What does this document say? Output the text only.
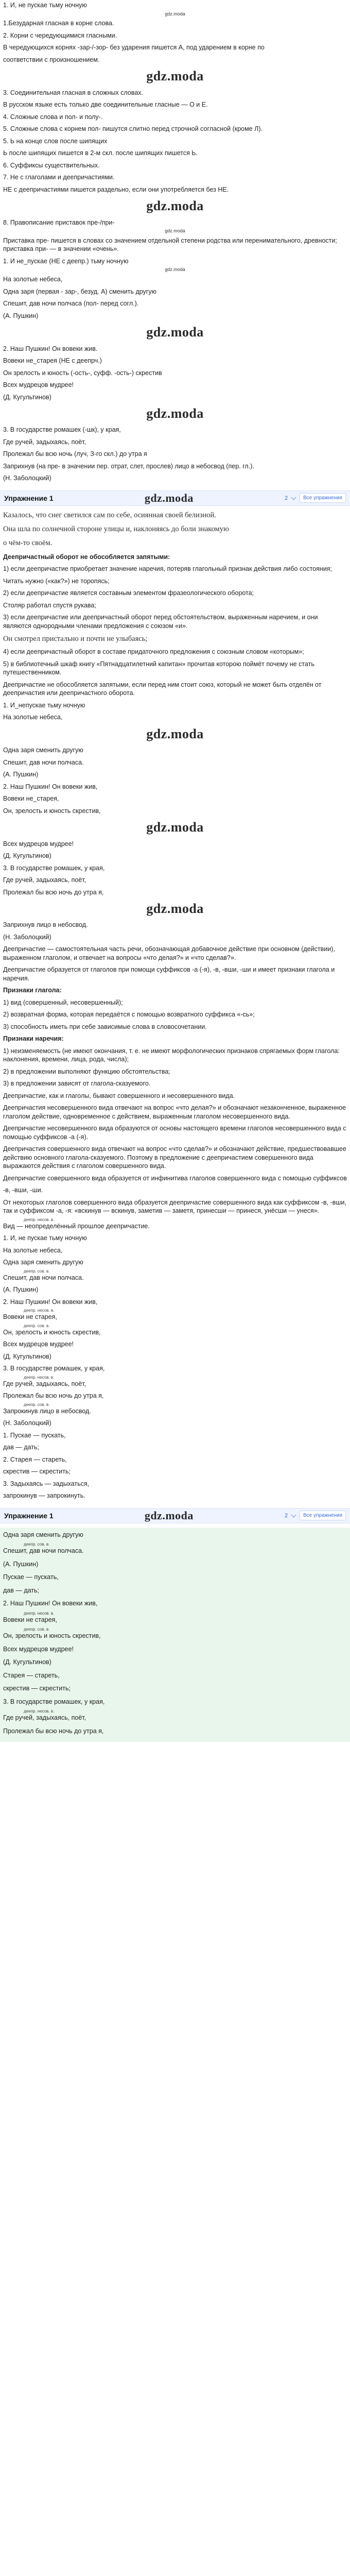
1. И, не пускае тьму ночную
gdz.moda
1.Безударная гласная в корне слова.
2. Корни с чередующимися гласными.
В чередующихся корнях -зар-/-зор- без ударения пишется А, под ударением в корне по
соответствии с произношением.
gdz.moda
3. Соединительная гласная в сложных словах.
В русском языке есть только две соединительные гласные — О и Е.
4. Сложные слова и пол- и полу-.
5. Сложные слова с корнем пол- пишутся слитно перед строчной согласной (кроме Л).
5. Ь на конце слов после шипящих
Ь после шипящих пишется в 2-м скл. после шипящих пишется Ь.
6. Суффиксы существительных.
7. Не с глаголами и деепричастиями.
НЕ с деепричастиями пишется раздельно, если они употребляется без НЕ.
gdz.moda
8. Правописание приставок пре-/при-
gdz.moda
Приставка пре- пишется в словах со значением отдельной степени родства или перенимательного, древности; приставка при- — в значении «очень».
1. И не_пускае (НЕ с деепр.) тьму ночную
gdz.moda
На золотые небеса,
Одна заря (первая - зар-, безуд. А) сменить другую
Спешит, дав ночи полчаса (пол- перед согл.).
(А. Пушкин)
gdz.moda
2. Наш Пушкин! Он вовеки жив.
Вовеки не_старея (НЕ с деепрч.)
Он зрелость и юность (-ость-, суфф. -ость-) скрестив
Всех мудрецов мудрее!
(Д. Кугультинов)
gdz.moda
3. В государстве ромашек (-шк), у края,
Где ручей, задыхаясь, поёт,
Пролежал бы всю ночь (луч, З-го скл.) до утра я
Заприхнув (на пре- в значении пер. отрат, слет, прослев) лицо в небосвод (пер. гл.).
(Н. Заболоцкий)
Упражнение 1	gdz.moda	2	Все упражнения
Казалось, что снег светился сам по себе, осиянная своей белизной.
Она шла по солнечной стороне улицы и, наклоняясь до боли знакомую
о чём-то своём.
Деепричастный оборот не обособляется запятыми:
1) если деепричастие приобретает значение наречия, потеряв глагольный признак действия либо состояния;
Читать нужно («как?») не торопясь;
2) если деепричастие является составным элементом фразеологического оборота;
Столяр работал спустя рукава;
3) если деепричастие или деепричастный оборот перед обстоятельством, выраженным наречием, и они являются однородными членами предложения с союзом «и».
Он смотрел пристально и почти не улыбаясь;
4) если деепричастный оборот в составе придаточного предложения с союзным словом «которым»;
5) в библиотечный шкаф книгу «Пятнадцатилетний капитан» прочитав которою поймёт почему не стать путешественником.
Деепричастие не обособляется запятыми, если перед ним стоит союз, который не может быть отделён от деепричастия или деепричастного оборота.
1. И_непускае тьму ночную
На золотые небеса,
gdz.moda
Одна заря сменить другую
Спешит, дав ночи полчаса.
(А. Пушкин)
2. Наш Пушкин! Он вовеки жив,
Вовеки не_старея,
Он, зрелость и юность скрестив,
gdz.moda
Всех мудрецов мудрее!
(Д. Кугультинов)
3. В государстве ромашек, у края,
Где ручей, задыхаясь, поёт,
Пролежал бы всю ночь до утра я,
gdz.moda
Заприхнув лицо в небосвод.
(Н. Заболоцкий)
Деепричастие — самостоятельная часть речи, обозначающая добавочное действие при основном (действии), выраженном глаголом, и отвечает на вопросы «что делая?» и «что сделав?».
Деепричастие образуется от глаголов при помощи суффиксов -а (-я), -в, -вши, -ши и имеет признаки глагола и наречия.
Признаки глагола:
1) вид (совершенный, несовершенный);
2) возвратная форма, которая передаётся с помощью возвратного суффикса «-сь»;
3) способность иметь при себе зависимые слова в словосочетании.
Признаки наречия:
1) неизменяемость (не имеют окончания, т. е. не имеют морфологических признаков спрягаемых форм глагола: наклонения, времени, лица, рода, числа);
2) в предложении выполняют функцию обстоятельства;
3) в предложении зависят от глагола-сказуемого.
Деепричастие, как и глаголы, бывают совершенного и несовершенного вида.
Деепричастия несовершенного вида отвечают на вопрос «что делая?» и обозначают незаконченное, выраженное глаголом действие, одновременное с действием, выраженным глаголом несовершенного вида.
Деепричастие несовершенного вида образуются от основы настоящего времени глаголов несовершенного вида с помощью суффиксов -а (-я).
Деепричастия совершенного вида отвечают на вопрос «что сделав?» и обозначают действие, предшествовавшее действию основного глагола-сказуемого. Поэтому в предложение с деепричастием совершенного вида выражаются действия с глаголом совершенного вида.
Деепричастие совершенного вида образуется от инфинитива глаголов совершенного вида с помощью суффиксов
-в, -вши, -ши.
От некоторых глаголов совершенного вида образуется деепричастие совершенного вида как суффиксом -в, -вши, так и суффиксом -а, -я: «вскинув — вскинув, заметив — заметя, принесши — принеся, унёсши — унеся».
деепр. несов. в.
Вид — неопределённый прошлое деепричастие.
1. И, не пускае тьму ночную
На золотые небеса,
Одна заря сменить другую
деепр. сов. в.
Спешит, дав ночи полчаса.
(А. Пушкин)
2. Наш Пушкин! Он вовеки жив,
деепр. несов. в.
Вовеки не старея,
деепр. сов. в.
Он, зрелость и юность скрестив,
Всех мудрецов мудрее!
(Д. Кугультинов)
3. В государстве ромашек, у края,
деепр. несов. в.
Где ручей, задыхаясь, поёт,
Пролежал бы всю ночь до утра я,
деепр. сов. в.
Запрокинув лицо в небосвод.
(Н. Заболоцкий)
1. Пускае — пускать,
дав — дать;
2. Старея — стареть,
скрестив — скрестить;
3. Задыхаясь — задыхаться,
запрокинув — запрокинуть.
Упражнение 1	gdz.moda	2	Все упражнения
Одна заря сменить другую
деепр. сов. в.
Спешит, дав ночи полчаса.
(А. Пушкин)
Пускае — пускать,
дав — дать;
2. Наш Пушкин! Он вовеки жив,
деепр. несов. в.
Вовеки не старея,
деепр. сов. в.
Он, зрелость и юность скрестив,
Всех мудрецов мудрее!
(Д. Кугультинов)
Старея — стареть,
скрестив — скрестить;
3. В государстве ромашек, у края,
деепр. несов. в.
Где ручей, задыхаясь, поёт,
Пролежал бы всю ночь до утра я,
